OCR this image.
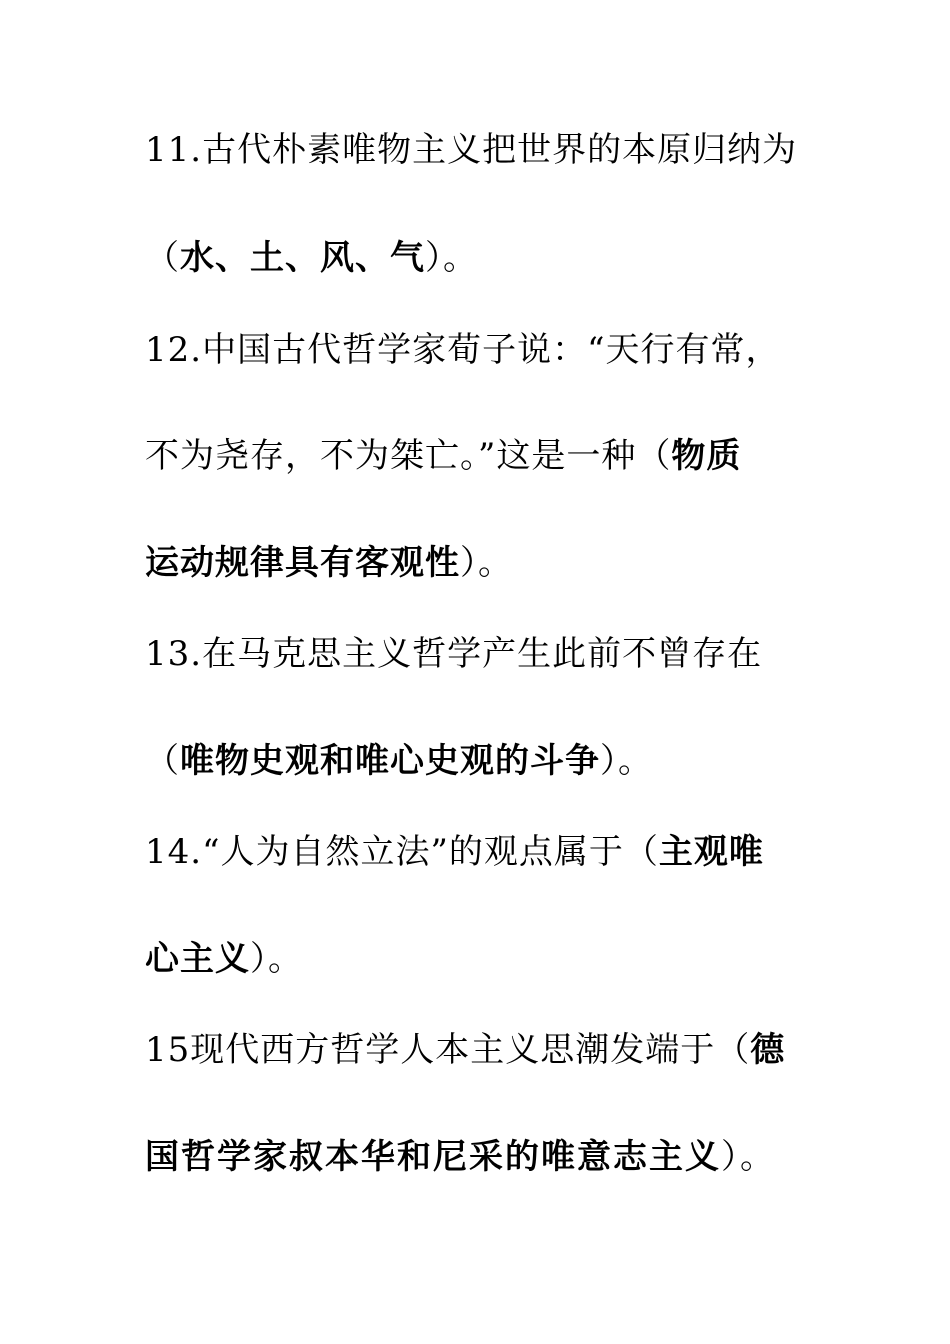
11.古代朴素唯物主义把世界的本原归纳为
（水、土、风、气）。
12.中国古代哲学家荀子说：“天行有常，
不为尧存，不为桀亡。”这是一种（物质
运动规律具有客观性）。
13.在马克思主义哲学产生此前不曾存在
（唯物史观和唯心史观的斗争）。
14.“人为自然立法”的观点属于（主观唯
心主义）。
15现代西方哲学人本主义思潮发端于（德
国哲学家叔本华和尼采的唯意志主义）。
